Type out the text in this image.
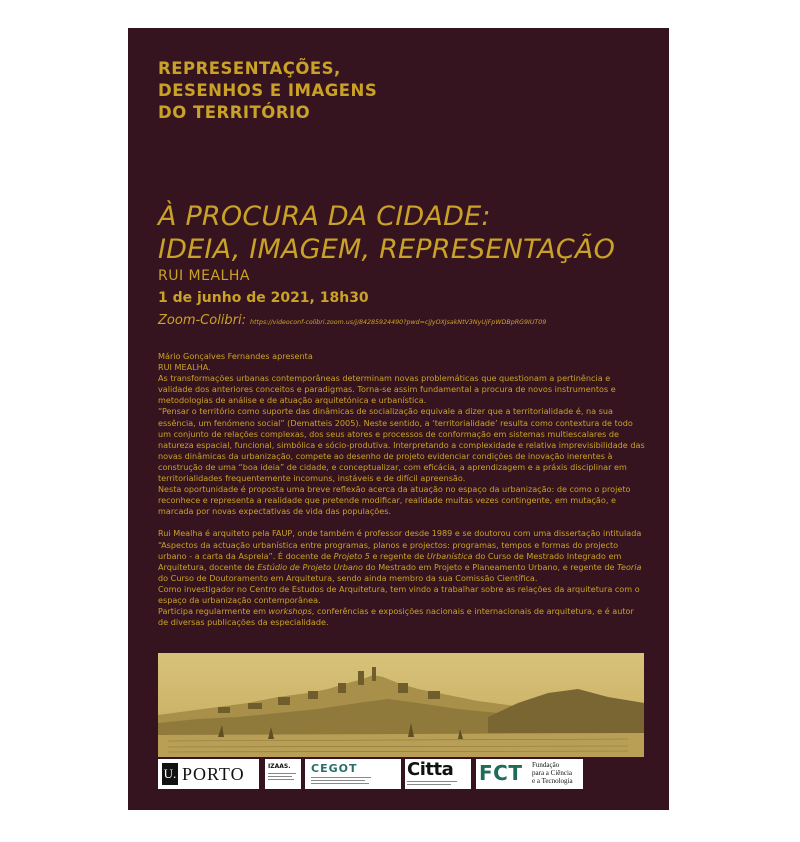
REPRESENTAÇÕES,
DESENHOS E IMAGENS
DO TERRITÓRIO
À PROCURA DA CIDADE:
IDEIA, IMAGEM, REPRESENTAÇÃO
RUI MEALHA
1 de junho de 2021, 18h30
Zoom-Colibri: https://videoconf-colibri.zoom.us/j/84285924490?pwd=cjJyOXJsakNtV3NyUjFpWDBpRG9IUT09

Mário Gonçalves Fernandes apresenta

RUI MEALHA.

As transformações urbanas contemporâneas determinam novas problemáticas que questionam a pertinência e validade dos anteriores conceitos e paradigmas. Torna-se assim fundamental a procura de novos instrumentos e metodologias de análise e de atuação arquitetónica e urbanística.

“Pensar o território como suporte das dinâmicas de socialização equivale a dizer que a territorialidade é, na sua essência, um fenómeno social” (Dematteis 2005). Neste sentido, a ‘territorialidade’ resulta como contextura de todo um conjunto de relações complexas, dos seus atores e processos de conformação em sistemas multiescalares de natureza espacial, funcional, simbólica e sócio-produtiva. Interpretando a complexidade e relativa imprevisibilidade das novas dinâmicas da urbanização, compete ao desenho de projeto evidenciar condições de inovação inerentes à construção de uma “boa ideia” de cidade, e conceptualizar, com eficácia, a aprendizagem e a práxis disciplinar em territorialidades frequentemente incomuns, instáveis e de difícil apreensão.

Nesta oportunidade é proposta uma breve reflexão acerca da atuação no espaço da urbanização: de como o projeto reconhece e representa a realidade que pretende modificar, realidade muitas vezes contingente, em mutação, e marcada por novas expectativas de vida das populações.

Rui Mealha é arquiteto pela FAUP, onde também é professor desde 1989 e se doutorou com uma dissertação intitulada “Aspectos da actuação urbanística entre programas, planos e projectos: programas, tempos e formas do projecto urbano - a carta da Asprela”. É docente de Projeto 5 e regente de Urbanística do Curso de Mestrado Integrado em Arquitetura, docente de Estúdio de Projeto Urbano do Mestrado em Projeto e Planeamento Urbano, e regente de Teoria do Curso de Doutoramento em Arquitetura, sendo ainda membro da sua Comissão Científica.

Como investigador no Centro de Estudos de Arquitetura, tem vindo a trabalhar sobre as relações da arquitetura com o espaço da urbanização contemporânea.

Participa regularmente em workshops, conferências e exposições nacionais e internacionais de arquitetura, e é autor de diversas publicações da especialidade.

U. PORTO	IZAAS. CEGOT	Citta FCT Fundação
para a Ciência
e a Tecnologia
